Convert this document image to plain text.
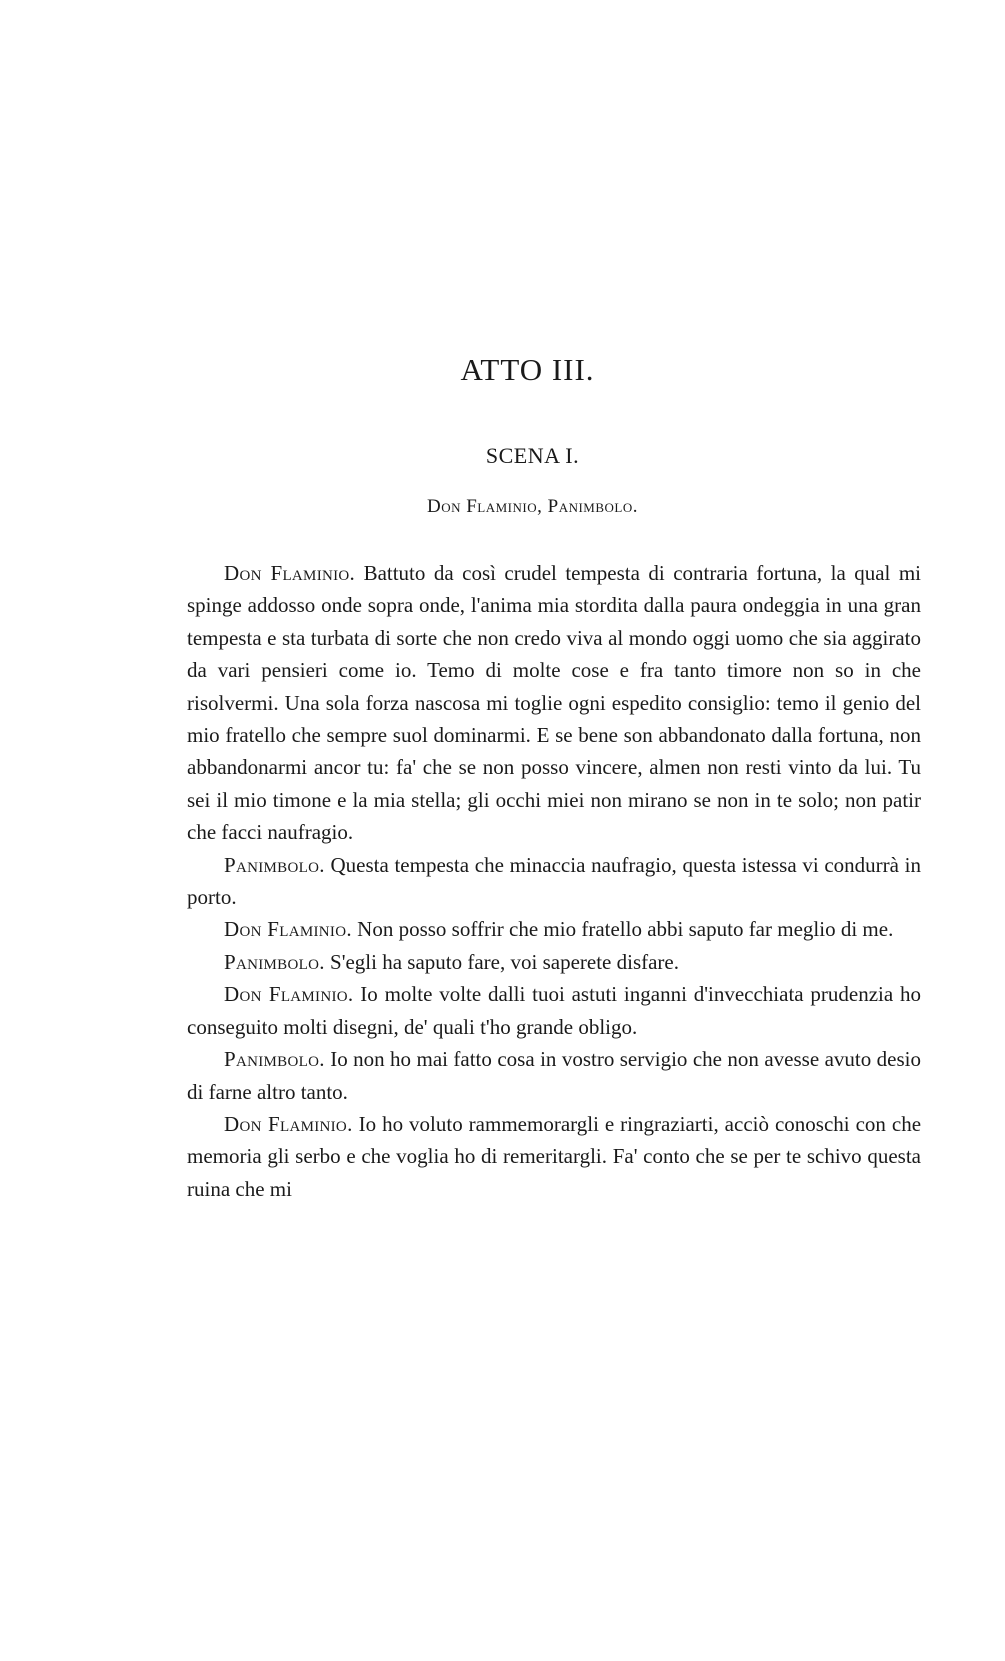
ATTO III.
SCENA I.

Don Flaminio, Panimbolo.

Don Flaminio. Battuto da così crudel tempesta di contraria fortuna, la qual mi spinge addosso onde sopra onde, l'anima mia stordita dalla paura ondeggia in una gran tempesta e sta turbata di sorte che non credo viva al mondo oggi uomo che sia aggirato da vari pensieri come io. Temo di molte cose e fra tanto timore non so in che risolvermi. Una sola forza nascosa mi toglie ogni espedito consiglio: temo il genio del mio fratello che sempre suol dominarmi. E se bene son abbandonato dalla fortuna, non abbandonarmi ancor tu: fa' che se non posso vincere, almen non resti vinto da lui. Tu sei il mio timone e la mia stella; gli occhi miei non mirano se non in te solo; non patir che facci naufragio.

Panimbolo. Questa tempesta che minaccia naufragio, questa istessa vi condurrà in porto.

Don Flaminio. Non posso soffrir che mio fratello abbi saputo far meglio di me.

Panimbolo. S'egli ha saputo fare, voi saperete disfare.

Don Flaminio. Io molte volte dalli tuoi astuti inganni d'invecchiata prudenzia ho conseguito molti disegni, de' quali t'ho grande obligo.

Panimbolo. Io non ho mai fatto cosa in vostro servigio che non avesse avuto desio di farne altro tanto.

Don Flaminio. Io ho voluto rammemorargli e ringraziarti, acciò conoschi con che memoria gli serbo e che voglia ho di remeritargli. Fa' conto che se per te schivo questa ruina che mi
